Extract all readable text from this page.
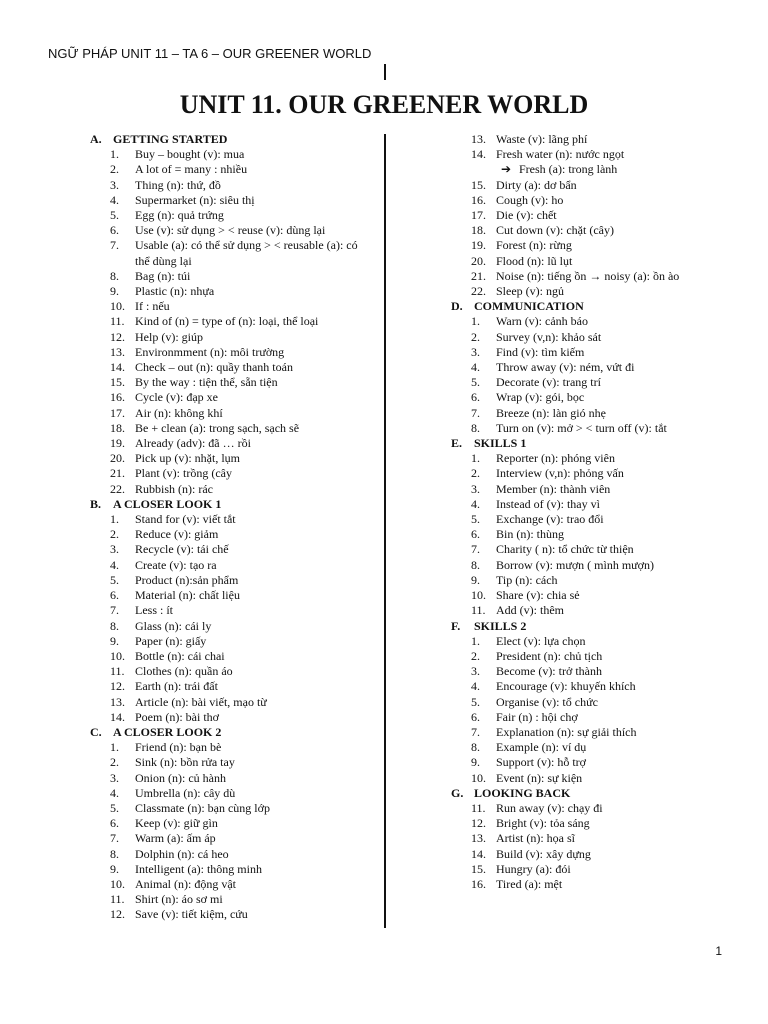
NGỮ PHÁP UNIT 11 – TA 6 – OUR GREENER WORLD
UNIT 11. OUR GREENER WORLD
A. GETTING STARTED
1. Buy – bought (v): mua
2. A lot of = many : nhiều
3. Thing (n): thứ, đồ
4. Supermarket (n): siêu thị
5. Egg (n): quả trứng
6. Use (v): sử dụng > < reuse (v): dùng lại
7. Usable (a): có thể sử dụng > < reusable (a): có thể dùng lại
8. Bag (n): túi
9. Plastic (n): nhựa
10. If : nếu
11. Kind of (n) = type of (n): loại, thể loại
12. Help (v): giúp
13. Environmment (n): môi trường
14. Check – out (n): quầy thanh toán
15. By the way : tiện thể, sẵn tiện
16. Cycle (v): đạp xe
17. Air (n): không khí
18. Be + clean (a): trong sạch, sạch sẽ
19. Already (adv): đã … rồi
20. Pick up (v): nhặt, lụm
21. Plant (v): trồng (cây
22. Rubbish (n): rác
B. A CLOSER LOOK 1
1. Stand for (v): viết tắt
2. Reduce (v): giảm
3. Recycle (v): tái chế
4. Create (v): tạo ra
5. Product (n):sản phẩm
6. Material (n): chất liệu
7. Less : ít
8. Glass (n): cái ly
9. Paper (n): giấy
10. Bottle (n): cái chai
11. Clothes (n): quần áo
12. Earth (n): trái đất
13. Article (n): bài viết, mạo từ
14. Poem (n): bài thơ
C. A CLOSER LOOK 2
1. Friend (n): bạn bè
2. Sink (n): bồn rửa tay
3. Onion (n): củ hành
4. Umbrella (n): cây dù
5. Classmate (n): bạn cùng lớp
6. Keep (v): giữ gìn
7. Warm (a): ấm áp
8. Dolphin (n): cá heo
9. Intelligent (a): thông minh
10. Animal (n): động vật
11. Shirt (n): áo sơ mi
12. Save (v): tiết kiệm, cứu
13. Waste (v): lãng phí
14. Fresh water (n): nước ngọt
➔ Fresh (a): trong lành
15. Dirty (a): dơ bẩn
16. Cough (v): ho
17. Die (v): chết
18. Cut down (v): chặt (cây)
19. Forest (n): rừng
20. Flood (n): lũ lụt
21. Noise (n): tiếng ồn → noisy (a): ồn ào
22. Sleep (v): ngủ
D. COMMUNICATION
1. Warn (v): cảnh báo
2. Survey (v,n): khảo sát
3. Find (v): tìm kiếm
4. Throw away (v): ném, vứt đi
5. Decorate (v): trang trí
6. Wrap (v): gói, bọc
7. Breeze (n): làn gió nhẹ
8. Turn on (v): mở > < turn off (v): tắt
E. SKILLS 1
1. Reporter (n): phóng viên
2. Interview (v,n): phỏng vấn
3. Member (n): thành viên
4. Instead of (v): thay vì
5. Exchange (v): trao đổi
6. Bin (n): thùng
7. Charity ( n): tổ chức từ thiện
8. Borrow (v): mượn ( mình mượn)
9. Tip (n): cách
10. Share (v): chia sẻ
11. Add (v): thêm
F. SKILLS 2
1. Elect (v): lựa chọn
2. President (n): chủ tịch
3. Become (v): trở thành
4. Encourage (v): khuyến khích
5. Organise (v): tổ chức
6. Fair (n) : hội chợ
7. Explanation (n): sự giải thích
8. Example (n): ví dụ
9. Support (v): hỗ trợ
10. Event (n): sự kiện
G. LOOKING BACK
11. Run away (v): chạy đi
12. Bright (v): tỏa sáng
13. Artist (n): họa sĩ
14. Build (v): xây dựng
15. Hungry (a): đói
16. Tired (a): mệt
1
